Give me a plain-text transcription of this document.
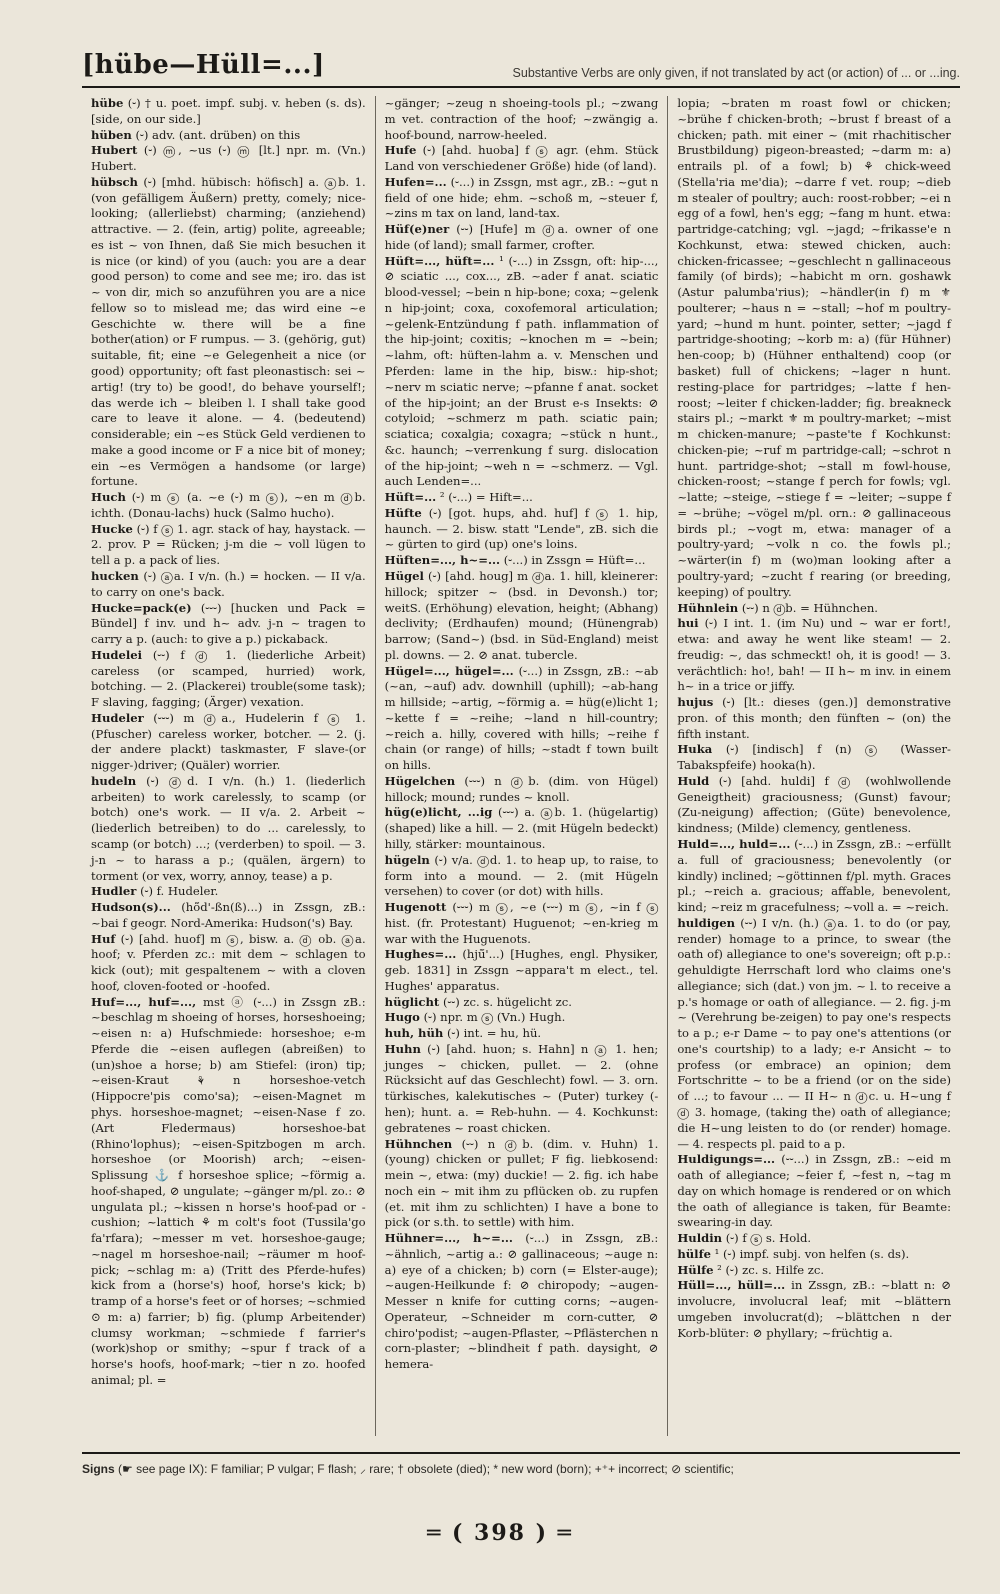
[hübe—Hüll=...]	Substantive Verbs are only given, if not translated by act (or action) of ... or ...ing.

hübe (⏑) † u. poet. impf. subj. v. heben (s. ds). [side, on our side.]

hüben (⏑) adv. (ant. drüben) on this

Hubert (⏑) ⓜ, ~us (⏑) ⓜ [lt.] npr. m. (Vn.) Hubert.

hübsch (⏑) [mhd. hübisch: höfisch] a. ⓐb. 1. (von gefälligem Äußern) pretty, comely; nice-looking; (allerliebst) charming; (anziehend) attractive. — 2. (fein, artig) polite, agreeable; es ist ~ von Ihnen, daß Sie mich besuchen it is nice (or kind) of you (auch: you are a dear good person) to come and see me; iro. das ist ~ von dir, mich so anzuführen you are a nice fellow so to mislead me; das wird eine ~e Geschichte w. there will be a fine bother(ation) or F rumpus. — 3. (gehörig, gut) suitable, fit; eine ~e Gelegenheit a nice (or good) opportunity; oft fast pleonastisch: sei ~ artig! (try to) be good!, do behave yourself!; das werde ich ~ bleiben l. I shall take good care to leave it alone. — 4. (bedeutend) considerable; ein ~es Stück Geld verdienen to make a good income or F a nice bit of money; ein ~es Vermögen a handsome (or large) fortune.

Huch (⏑) m ⓢ (a. ~e (⏑) m ⓢ), ~en m ⓓb. ichth. (Donau-lachs) huck (Salmo hucho).

Hucke (⏑) f ⓢ 1. agr. stack of hay, haystack. — 2. prov. P = Rücken; j-m die ~ voll lügen to tell a p. a pack of lies.

hucken (⏑) ⓐa. I v/n. (h.) = hocken. — II v/a. to carry on one's back.

Hucke=pack(e) (⏑⏑⏑) [hucken und Pack = Bündel] f inv. und h~ adv. j-n ~ tragen to carry a p. (auch: to give a p.) pickaback.

Hudelei (⏑⏑) f ⓓ 1. (liederliche Arbeit) careless (or scamped, hurried) work, botching. — 2. (Plackerei) trouble(some task); F slaving, fagging; (Ärger) vexation.

Hudeler (⏑⏑⏑) m ⓓa., Hudelerin f ⓢ 1. (Pfuscher) careless worker, botcher. — 2. (j. der andere plackt) taskmaster, F slave-(or nigger-)driver; (Quäler) worrier.

hudeln (⏑) ⓓd. I v/n. (h.) 1. (liederlich arbeiten) to work carelessly, to scamp (or botch) one's work. — II v/a. 2. Arbeit ~ (liederlich betreiben) to do ... carelessly, to scamp (or botch) ...; (verderben) to spoil. — 3. j-n ~ to harass a p.; (quälen, ärgern) to torment (or vex, worry, annoy, tease) a p.

Hudler (⏑) f. Hudeler.

Hudson(s)... (hö̆d'-ßn(ß)...) in Zssgn, zB.: ~bai f geogr. Nord-Amerika: Hudson('s) Bay.

Huf (⏑) [ahd. huof] m ⓢ, bisw. a. ⓓ ob. ⓐa. hoof; v. Pferden zc.: mit dem ~ schlagen to kick (out); mit gespaltenem ~ with a cloven hoof, cloven-footed or -hoofed.

Huf=..., huf=..., mst ⓐ (⏑...) in Zssgn zB.: ~beschlag m shoeing of horses, horseshoeing; ~eisen n: a) Hufschmiede: horseshoe; e-m Pferde die ~eisen auflegen (abreißen) to (un)shoe a horse; b) am Stiefel: (iron) tip; ~eisen-Kraut ⚘ n horseshoe-vetch (Hippocre'pis como'sa); ~eisen-Magnet m phys. horseshoe-magnet; ~eisen-Nase f zo. (Art Fledermaus) horseshoe-bat (Rhino'lophus); ~eisen-Spitzbogen m arch. horseshoe (or Moorish) arch; ~eisen-Splissung ⚓ f horseshoe splice; ~förmig a. hoof-shaped, ⊘ ungulate; ~gänger m/pl. zo.: ⊘ ungulata pl.; ~kissen n horse's hoof-pad or -cushion; ~lattich ⚘ m colt's foot (Tussila'go fa'rfara); ~messer m vet. horseshoe-gauge; ~nagel m horseshoe-nail; ~räumer m hoof-pick; ~schlag m: a) (Tritt des Pferde-hufes) kick from a (horse's) hoof, horse's kick; b) tramp of a horse's feet or of horses; ~schmied ⊙ m: a) farrier; b) fig. (plump Arbeitender) clumsy workman; ~schmiede f farrier's (work)shop or smithy; ~spur f track of a horse's hoofs, hoof-mark; ~tier n zo. hoofed animal; pl. =

~gänger; ~zeug n shoeing-tools pl.; ~zwang m vet. contraction of the hoof; ~zwängig a. hoof-bound, narrow-heeled.

Hufe (⏑) [ahd. huoba] f ⓢ agr. (ehm. Stück Land von verschiedener Größe) hide (of land).

Hufen=... (⏑...) in Zssgn, mst agr., zB.: ~gut n field of one hide; ehm. ~schoß m, ~steuer f, ~zins m tax on land, land-tax.

Hüf(e)ner (⏑⏑) [Hufe] m ⓓa. owner of one hide (of land); small farmer, crofter.

Hüft=..., hüft=... ¹ (⏑...) in Zssgn, oft: hip-..., ⊘ sciatic ..., cox..., zB. ~ader f anat. sciatic blood-vessel; ~bein n hip-bone; coxa; ~gelenk n hip-joint; coxa, coxofemoral articulation; ~gelenk-Entzündung f path. inflammation of the hip-joint; coxitis; ~knochen m = ~bein; ~lahm, oft: hüften-lahm a. v. Menschen und Pferden: lame in the hip, bisw.: hip-shot; ~nerv m sciatic nerve; ~pfanne f anat. socket of the hip-joint; an der Brust e-s Insekts: ⊘ cotyloid; ~schmerz m path. sciatic pain; sciatica; coxalgia; coxagra; ~stück n hunt., &c. haunch; ~verrenkung f surg. dislocation of the hip-joint; ~weh n = ~schmerz. — Vgl. auch Lenden=...

Hüft=... ² (⏑...) = Hift=...

Hüfte (⏑) [got. hups, ahd. huf] f ⓢ 1. hip, haunch. — 2. bisw. statt "Lende", zB. sich die ~ gürten to gird (up) one's loins.

Hüften=..., h~=... (⏑...) in Zssgn = Hüft=...

Hügel (⏑) [ahd. houg] m ⓓa. 1. hill, kleinerer: hillock; spitzer ~ (bsd. in Devonsh.) tor; weit⁠S. (Erhöhung) elevation, height; (Abhang) declivity; (Erdhaufen) mound; (Hünengrab) barrow; (Sand~) (bsd. in Süd-England) meist pl. downs. — 2. ⊘ anat. tubercle.

Hügel=..., hügel=... (⏑...) in Zssgn, zB.: ~ab (~an, ~auf) adv. downhill (uphill); ~ab-hang m hillside; ~artig, ~förmig a. = hüg(e)licht 1; ~kette f = ~reihe; ~land n hill-country; ~reich a. hilly, covered with hills; ~reihe f chain (or range) of hills; ~stadt f town built on hills.

Hügelchen (⏑⏑⏑) n ⓓb. (dim. von Hügel) hillock; mound; rundes ~ knoll.

hüg(e)licht, ...ig (⏑⏑⏑) a. ⓐb. 1. (hügelartig) (shaped) like a hill. — 2. (mit Hügeln bedeckt) hilly, stärker: mountainous.

hügeln (⏑) v/a. ⓓd. 1. to heap up, to raise, to form into a mound. — 2. (mit Hügeln versehen) to cover (or dot) with hills.

Hugenott (⏑⏑⏑) m ⓢ, ~e (⏑⏑⏑) m ⓢ, ~in f ⓢ hist. (fr. Protestant) Huguenot; ~en-krieg m war with the Huguenots.

Hughes=... (hjū̆'...) [Hughes, engl. Physiker, geb. 1831] in Zssgn ~appara't m elect., tel. Hughes' apparatus.

hüglicht (⏑⏑) zc. s. hügelicht zc.

Hugo (⏑) npr. m ⓢ (Vn.) Hugh.

huh, hüh (⏑) int. = hu, hü.

Huhn (⏑) [ahd. huon; s. Hahn] n ⓐ 1. hen; junges ~ chicken, pullet. — 2. (ohne Rücksicht auf das Geschlecht) fowl. — 3. orn. türkisches, kalekutisches ~ (Puter) turkey (-hen); hunt. a. = Reb-huhn. — 4. Kochkunst: gebratenes ~ roast chicken.

Hühnchen (⏑⏑) n ⓓb. (dim. v. Huhn) 1. (young) chicken or pullet; F fig. liebkosend: mein ~, etwa: (my) duckie! — 2. fig. ich habe noch ein ~ mit ihm zu pflücken ob. zu rupfen (et. mit ihm zu schlichten) I have a bone to pick (or s.th. to settle) with him.

Hühner=..., h~=... (⏑...) in Zssgn, zB.: ~ähnlich, ~artig a.: ⊘ gallinaceous; ~auge n: a) eye of a chicken; b) corn (= Elster-auge); ~augen-Heilkunde f: ⊘ chiropody; ~augen-Messer n knife for cutting corns; ~augen-Operateur, ~Schneider m corn-cutter, ⊘ chiro'podist; ~augen-Pflaster, ~Pflästerchen n corn-plaster; ~blindheit f path. daysight, ⊘ hemera-

lopia; ~braten m roast fowl or chicken; ~brühe f chicken-broth; ~brust f breast of a chicken; path. mit einer ~ (mit rhachitischer Brustbildung) pigeon-breasted; ~darm m: a) entrails pl. of a fowl; b) ⚘ chick-weed (Stella'ria me'dia); ~darre f vet. roup; ~dieb m stealer of poultry; auch: roost-robber; ~ei n egg of a fowl, hen's egg; ~fang m hunt. etwa: partridge-catching; vgl. ~jagd; ~frikasse'e n Kochkunst, etwa: stewed chicken, auch: chicken-fricassee; ~geschlecht n gallinaceous family (of birds); ~habicht m orn. goshawk (Astur palumba'rius); ~händler(in f) m ⚜ poulterer; ~haus n = ~stall; ~hof m poultry-yard; ~hund m hunt. pointer, setter; ~jagd f partridge-shooting; ~korb m: a) (für Hühner) hen-coop; b) (Hühner enthaltend) coop (or basket) full of chickens; ~lager n hunt. resting-place for partridges; ~latte f hen-roost; ~leiter f chicken-ladder; fig. breakneck stairs pl.; ~markt ⚜ m poultry-market; ~mist m chicken-manure; ~paste'te f Kochkunst: chicken-pie; ~ruf m partridge-call; ~schrot n hunt. partridge-shot; ~stall m fowl-house, chicken-roost; ~stange f perch for fowls; vgl. ~latte; ~steige, ~stiege f = ~leiter; ~suppe f = ~brühe; ~vögel m/pl. orn.: ⊘ gallinaceous birds pl.; ~vogt m, etwa: manager of a poultry-yard; ~volk n co. the fowls pl.; ~wärter(in f) m (wo)man looking after a poultry-yard; ~zucht f rearing (or breeding, keeping) of poultry.

Hühnlein (⏑⏑) n ⓓb. = Hühnchen.

hui (⏑) I int. 1. (im Nu) und ~ war er fort!, etwa: and away he went like steam! — 2. freudig: ~, das schmeckt! oh, it is good! — 3. verächtlich: ho!, bah! — II h~ m inv. in einem h~ in a trice or jiffy.

hujus (⏑) [lt.: dieses (gen.)] demonstrative pron. of this month; den fünften ~ (on) the fifth instant.

Huka (⏑) [indisch] f (n) ⓢ (Wasser-Tabakspfeife) hooka(h).

Huld (⏑) [ahd. huldi] f ⓓ (wohlwollende Geneigtheit) graciousness; (Gunst) favour; (Zu-neigung) affection; (Güte) benevolence, kindness; (Milde) clemency, gentleness.

Huld=..., huld=... (⏑...) in Zssgn, zB.: ~erfüllt a. full of graciousness; benevolently (or kindly) inclined; ~göttinnen f/pl. myth. Graces pl.; ~reich a. gracious; affable, benevolent, kind; ~reiz m gracefulness; ~voll a. = ~reich.

huldigen (⏑⏑) I v/n. (h.) ⓐa. 1. to do (or pay, render) homage to a prince, to swear (the oath of) allegiance to one's sovereign; oft p.p.: gehuldigte Herrschaft lord who claims one's allegiance; sich (dat.) von jm. ~ l. to receive a p.'s homage or oath of allegiance. — 2. fig. j-m ~ (Verehrung be-zeigen) to pay one's respects to a p.; e-r Dame ~ to pay one's attentions (or one's courtship) to a lady; e-r Ansicht ~ to profess (or embrace) an opinion; dem Fortschritte ~ to be a friend (or on the side) of ...; to favour ... — II H~ n ⓓc. u. H~ung f ⓓ 3. homage, (taking the) oath of allegiance; die H~ung leisten to do (or render) homage. — 4. respects pl. paid to a p.

Huldigungs=... (⏑⏑...) in Zssgn, zB.: ~eid m oath of allegiance; ~feier f, ~fest n, ~tag m day on which homage is rendered or on which the oath of allegiance is taken, für Beamte: swearing-in day.

Huldin (⏑) f ⓢ s. Hold.

hülfe ¹ (⏑) impf. subj. von helfen (s. ds).

Hülfe ² (⏑) zc. s. Hilfe zc.

Hüll=..., hüll=... in Zssgn, zB.: ~blatt n: ⊘ involucre, involucral leaf; mit ~blättern umgeben involucrat(d); ~blättchen n der Korb-blüter: ⊘ phyllary; ~früchtig a.

Signs (☛ see page IX): F familiar; P vulgar; F flash; ⸝ rare; † obsolete (died); * new word (born); +⁺+ incorrect; ⊘ scientific;
═ ( 398 ) ═
